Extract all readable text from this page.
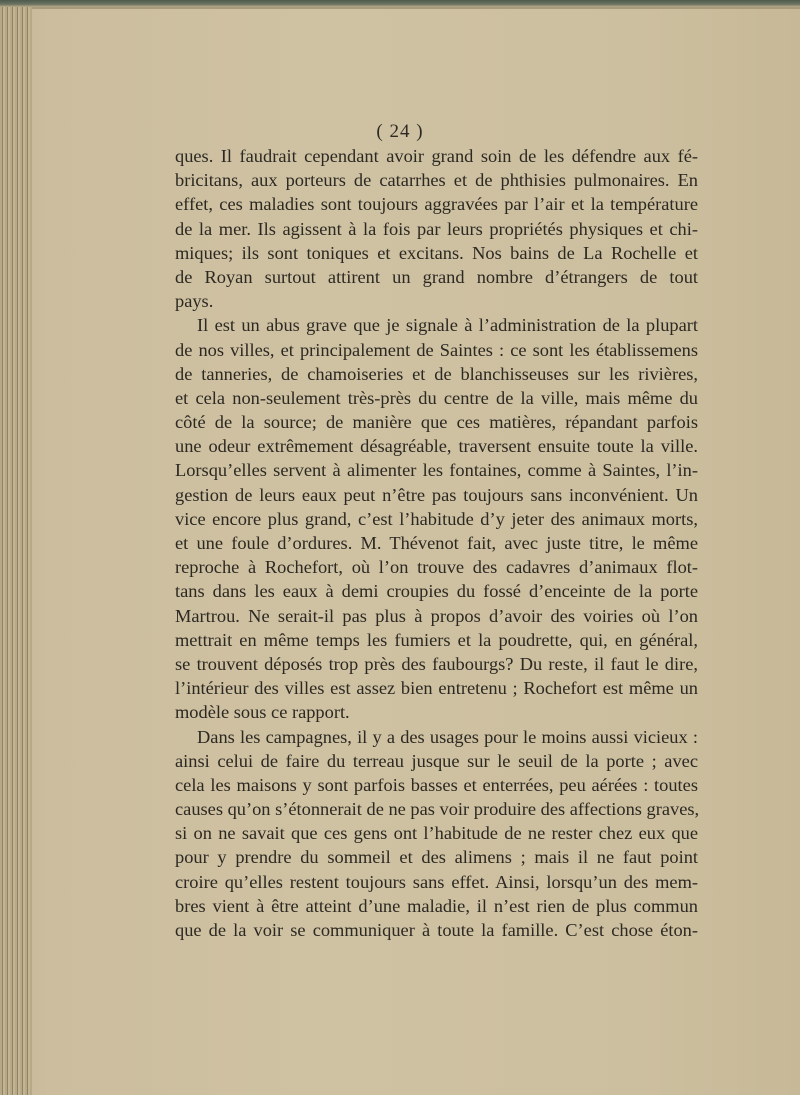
( 24 )
ques. Il faudrait cependant avoir grand soin de les défendre aux fé-
bricitans, aux porteurs de catarrhes et de phthisies pulmonaires. En
effet, ces maladies sont toujours aggravées par l’air et la température
de la mer. Ils agissent à la fois par leurs propriétés physiques et chi-
miques; ils sont toniques et excitans. Nos bains de La Rochelle et
de Royan surtout attirent un grand nombre d’étrangers de tout
pays.
Il est un abus grave que je signale à l’administration de la plupart
de nos villes, et principalement de Saintes : ce sont les établissemens
de tanneries, de chamoiseries et de blanchisseuses sur les rivières,
et cela non-seulement très-près du centre de la ville, mais même du
côté de la source; de manière que ces matières, répandant parfois
une odeur extrêmement désagréable, traversent ensuite toute la ville.
Lorsqu’elles servent à alimenter les fontaines, comme à Saintes, l’in-
gestion de leurs eaux peut n’être pas toujours sans inconvénient. Un
vice encore plus grand, c’est l’habitude d’y jeter des animaux morts,
et une foule d’ordures. M. Thévenot fait, avec juste titre, le même
reproche à Rochefort, où l’on trouve des cadavres d’animaux flot-
tans dans les eaux à demi croupies du fossé d’enceinte de la porte
Martrou. Ne serait-il pas plus à propos d’avoir des voiries où l’on
mettrait en même temps les fumiers et la poudrette, qui, en général,
se trouvent déposés trop près des faubourgs? Du reste, il faut le dire,
l’intérieur des villes est assez bien entretenu ; Rochefort est même un
modèle sous ce rapport.
Dans les campagnes, il y a des usages pour le moins aussi vicieux :
ainsi celui de faire du terreau jusque sur le seuil de la porte ; avec
cela les maisons y sont parfois basses et enterrées, peu aérées : toutes
causes qu’on s’étonnerait de ne pas voir produire des affections graves,
si on ne savait que ces gens ont l’habitude de ne rester chez eux que
pour y prendre du sommeil et des alimens ; mais il ne faut point
croire qu’elles restent toujours sans effet. Ainsi, lorsqu’un des mem-
bres vient à être atteint d’une maladie, il n’est rien de plus commun
que de la voir se communiquer à toute la famille. C’est chose éton-
